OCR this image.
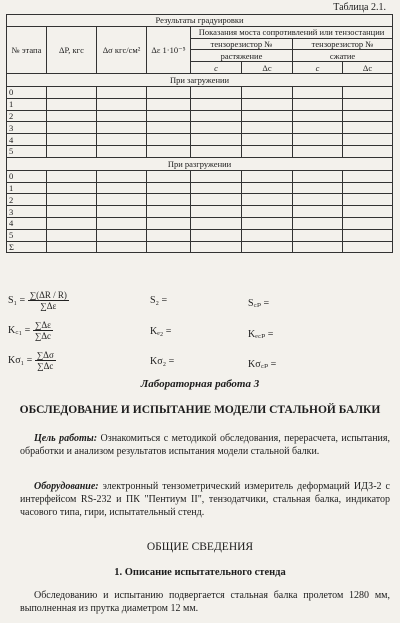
Таблица 2.1.
Результаты градуировки							
№ этапа	ΔP, кгс	Δσ кгс/см²	Δε 1·10⁻⁵	Показания моста сопротивлений или тензостанции			
				тензорезистор №		тензорезистор №	
				растяжение		сжатие	
				c	Δc	c	Δc
При загружении							
0							
1							
2							
3							
4							
5							
При разгружении							
0							
1							
2							
3							
4							
5							
Σ							
$S_1 = \frac{\sum(\Delta R / R)}{\sum\Delta\varepsilon}$	S₂ =	S꜀ₚ =
K꜀₁ = $\frac{\sum\Delta\varepsilon}{\sum\Delta c}$	Kₑ₂ =	Kₑ꜀ₚ =
$K\sigma_1 = \frac{\sum\Delta\sigma}{\sum\Delta c}$	Kσ₂ =	Kσ꜀ₚ =
Лабораторная работа 3
ОБСЛЕДОВАНИЕ И ИСПЫТАНИЕ МОДЕЛИ СТАЛЬНОЙ БАЛКИ
Цель работы: Ознакомиться с методикой обследования, перерасчета, испытания, обработки и анализом результатов испытания модели стальной балки.
Оборудование: электронный тензометрический измеритель деформаций ИДЗ-2 с интерфейсом RS-232 и ПК "Пентиум II", тензодатчики, стальная балка, индикатор часового типа, гири, испытательный стенд.
ОБЩИЕ СВЕДЕНИЯ
1. Описание испытательного стенда
Обследованию и испытанию подвергается стальная балка пролетом 1280 мм, выполненная из прутка диаметром 12 мм.
